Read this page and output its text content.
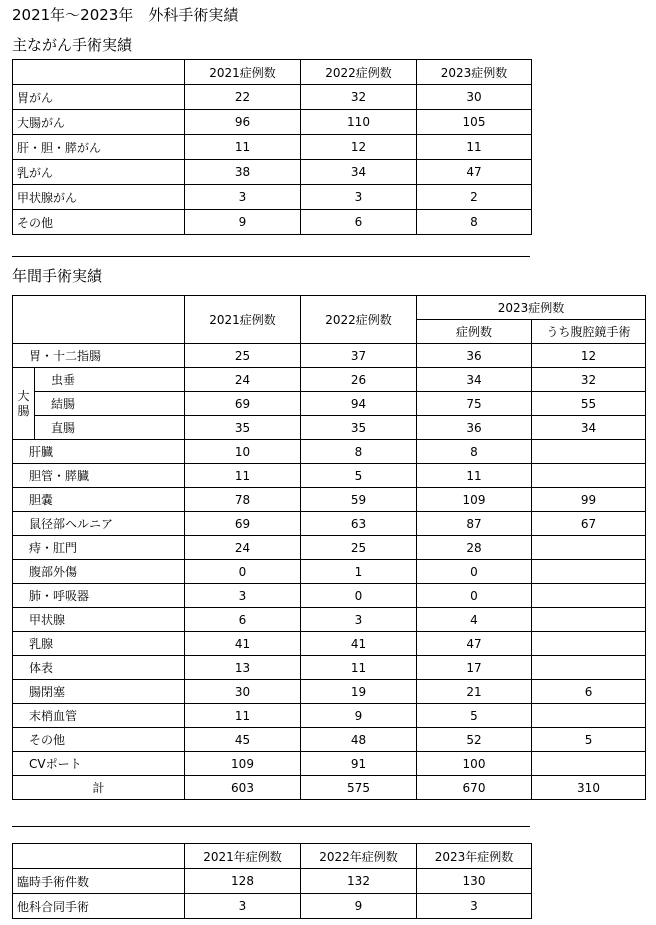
2021年～2023年　外科手術実績
主ながん手術実績
	2021症例数	2022症例数	2023症例数
胃がん	22	32	30
大腸がん	96	110	105
肝・胆・膵がん	11	12	11
乳がん	38	34	47
甲状腺がん	3	3	2
その他	9	6	8
年間手術実績
		2021症例数	2022症例数	2023症例数	
				症例数	うち腹腔鏡手術
胃・十二指腸		25	37	36	12
大腸	虫垂	24	26	34	32
	結腸	69	94	75	55
	直腸	35	35	36	34
肝臓		10	8	8	
胆管・膵臓		11	5	11	
胆嚢		78	59	109	99
鼠径部ヘルニア		69	63	87	67
痔・肛門		24	25	28	
腹部外傷		0	1	0	
肺・呼吸器		3	0	0	
甲状腺		6	3	4	
乳腺		41	41	47	
体表		13	11	17	
腸閉塞		30	19	21	6
末梢血管		11	9	5	
その他		45	48	52	5
CVポート		109	91	100	
計		603	575	670	310
	2021年症例数	2022年症例数	2023年症例数
臨時手術件数	128	132	130
他科合同手術	3	9	3
